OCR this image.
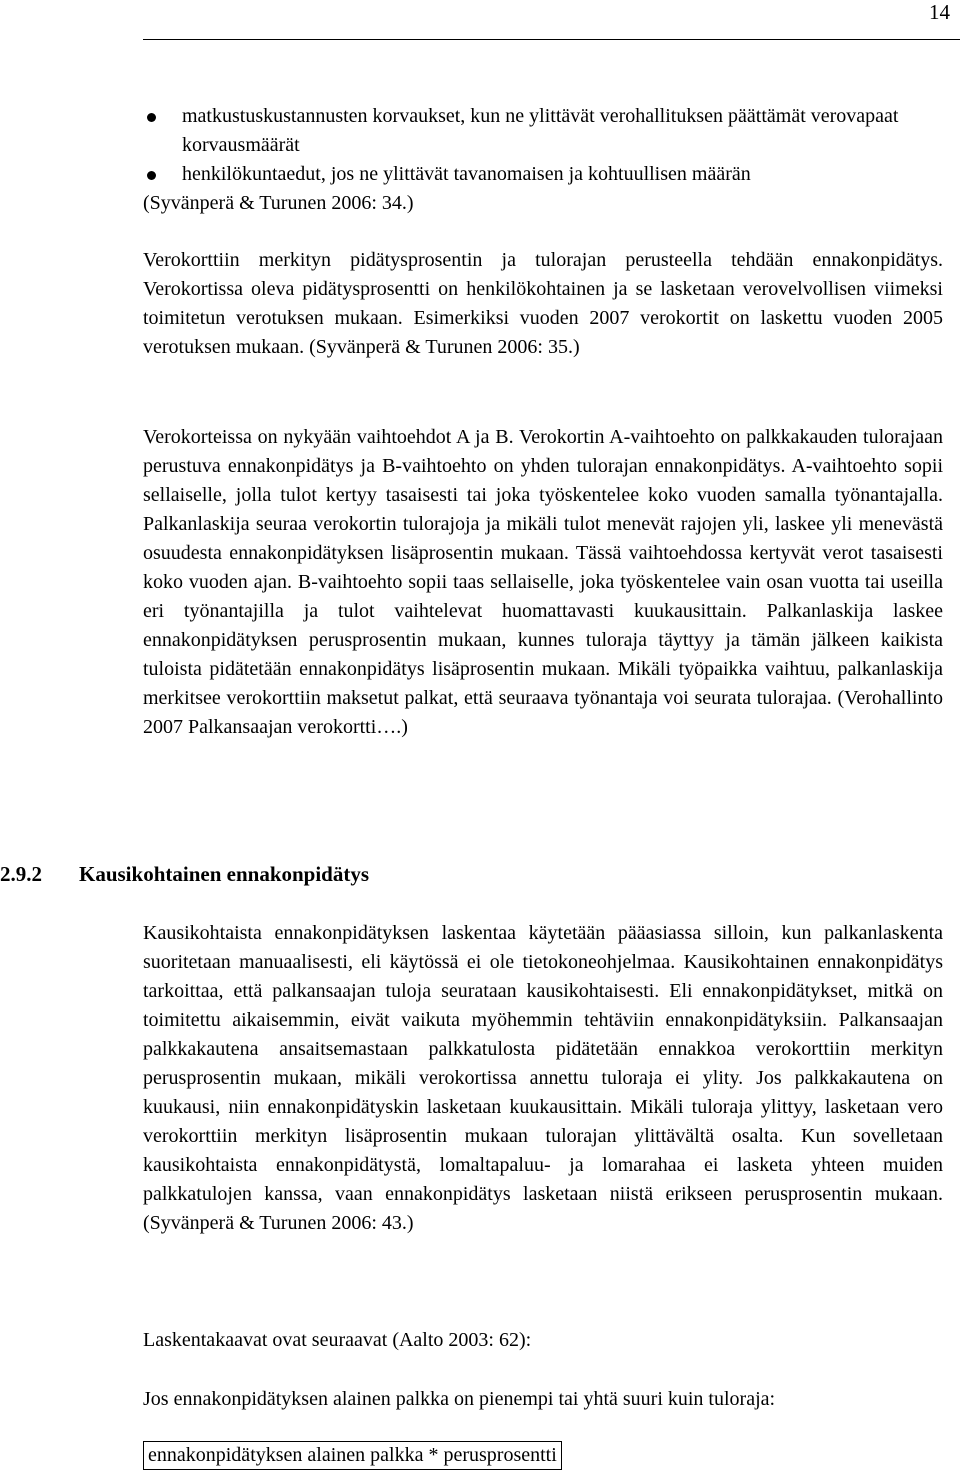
14
matkustuskustannusten korvaukset, kun ne ylittävät verohallituksen päättämät verovapaat korvausmäärät
henkilökuntaedut, jos ne ylittävät tavanomaisen ja kohtuullisen määrän
(Syvänperä & Turunen 2006: 34.)

Verokorttiin merkityn pidätysprosentin ja tulorajan perusteella tehdään ennakonpidätys. Verokortissa oleva pidätysprosentti on henkilökohtainen ja se lasketaan verovelvollisen viimeksi toimitetun verotuksen mukaan. Esimerkiksi vuoden 2007 verokortit on laskettu vuoden 2005 verotuksen mukaan. (Syvänperä & Turunen 2006: 35.)

Verokorteissa on nykyään vaihtoehdot A ja B. Verokortin A-vaihtoehto on palkkakauden tulorajaan perustuva ennakonpidätys ja B-vaihtoehto on yhden tulorajan ennakonpidätys. A-vaihtoehto sopii sellaiselle, jolla tulot kertyy tasaisesti tai joka työskentelee koko vuoden samalla työnantajalla. Palkanlaskija seuraa verokortin tulorajoja ja mikäli tulot menevät rajojen yli, laskee yli menevästä osuudesta ennakonpidätyksen lisäprosentin mukaan. Tässä vaihtoehdossa kertyvät verot tasaisesti koko vuoden ajan. B-vaihtoehto sopii taas sellaiselle, joka työskentelee vain osan vuotta tai useilla eri työnantajilla ja tulot vaihtelevat huomattavasti kuukausittain. Palkanlaskija laskee ennakonpidätyksen perusprosentin mukaan, kunnes tuloraja täyttyy ja tämän jälkeen kaikista tuloista pidätetään ennakonpidätys lisäprosentin mukaan. Mikäli työpaikka vaihtuu, palkanlaskija merkitsee verokorttiin maksetut palkat, että seuraava työnantaja voi seurata tulorajaa. (Verohallinto 2007 Palkansaajan verokortti….)

2.9.2 Kausikohtainen ennakonpidätys

Kausikohtaista ennakonpidätyksen laskentaa käytetään pääasiassa silloin, kun palkanlaskenta suoritetaan manuaalisesti, eli käytössä ei ole tietokoneohjelmaa. Kausikohtainen ennakonpidätys tarkoittaa, että palkansaajan tuloja seurataan kausikohtaisesti. Eli ennakonpidätykset, mitkä on toimitettu aikaisemmin, eivät vaikuta myöhemmin tehtäviin ennakonpidätyksiin. Palkansaajan palkkakautena ansaitsemastaan palkkatulosta pidätetään ennakkoa verokorttiin merkityn perusprosentin mukaan, mikäli verokortissa annettu tuloraja ei ylity. Jos palkkakautena on kuukausi, niin ennakonpidätyskin lasketaan kuukausittain. Mikäli tuloraja ylittyy, lasketaan vero verokorttiin merkityn lisäprosentin mukaan tulorajan ylittävältä osalta. Kun sovelletaan kausikohtaista ennakonpidätystä, lomaltapaluu- ja lomarahaa ei lasketa yhteen muiden palkkatulojen kanssa, vaan ennakonpidätys lasketaan niistä erikseen perusprosentin mukaan. (Syvänperä & Turunen 2006: 43.)

Laskentakaavat ovat seuraavat (Aalto 2003: 62):

Jos ennakonpidätyksen alainen palkka on pienempi tai yhtä suuri kuin tuloraja:

ennakonpidätyksen alainen palkka * perusprosentti
